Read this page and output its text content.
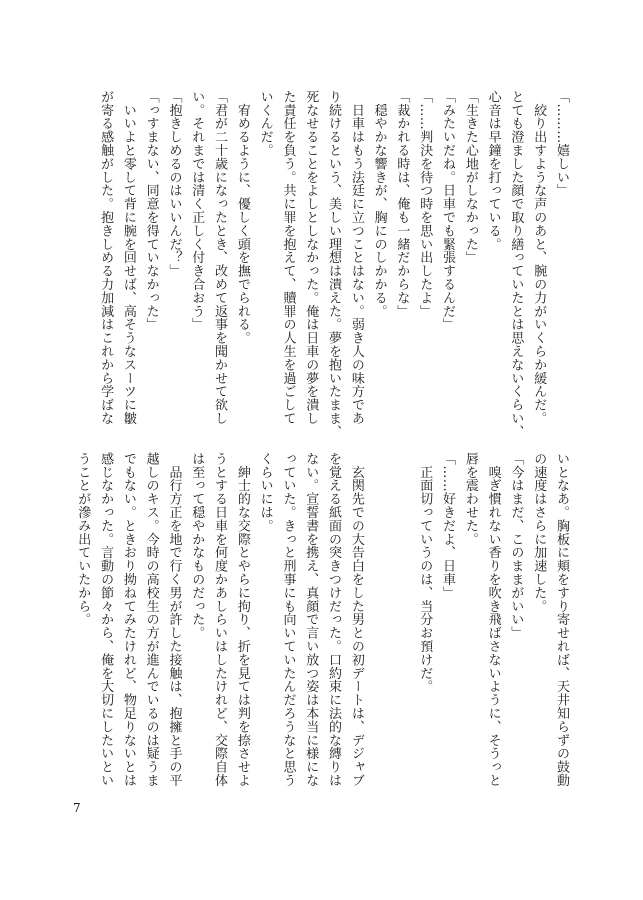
「………嬉しい」
　絞り出すような声のあと、腕の力がいくらか緩んだ。
とても澄ました顔で取り繕っていたとは思えないくらい、
心音は早鐘を打っている。
「生きた心地がしなかった」
「みたいだね。日車でも緊張するんだ」
「……判決を待つ時を思い出したよ」
「裁かれる時は、俺も一緒だからな」
　穏やかな響きが、胸にのしかかる。
　日車はもう法廷に立つことはない。弱き人の味方であ
り続けるという、美しい理想は潰えた。夢を抱いたまま、
死なせることをよしとしなかった。俺は日車の夢を潰し
た責任を負う。共に罪を抱えて、贖罪の人生を過ごして
いくんだ。
　宥めるように、優しく頭を撫でられる。
「君が二十歳になったとき、改めて返事を聞かせて欲し
い。それまでは清く正しく付き合おう」
「抱きしめるのはいいんだ？」
「っすまない、同意を得ていなかった」
　いいよと零して背に腕を回せば、高そうなスーツに皺
が寄る感触がした。抱きしめる力加減はこれから学ばな
いとなあ。胸板に頬をすり寄せれば、天井知らずの鼓動
の速度はさらに加速した。
「今はまだ、このままがいい」
　嗅ぎ慣れない香りを吹き飛ばさないように、そうっと
唇を震わせた。
「……好きだよ、日車」
　正面切っていうのは、当分お預けだ。

　玄関先での大告白をした男との初デートは、デジャブ
を覚える紙面の突きつけだった。口約束に法的な縛りは
ない。宣誓書を携え、真顔で言い放つ姿は本当に様にな
っていた。きっと刑事にも向いていたんだろうなと思う
くらいには。
　紳士的な交際とやらに拘り、折を見ては判を捺させよ
うとする日車を何度かあしらいはしたけれど、交際自体
は至って穏やかなものだった。
　品行方正を地で行く男が許した接触は、抱擁と手の平
越しのキス。今時の高校生の方が進んでいるのは疑うま
でもない。ときおり拗ねてみたけれど、物足りないとは
感じなかった。言動の節々から、俺を大切にしたいとい
うことが滲み出ていたから。
7
